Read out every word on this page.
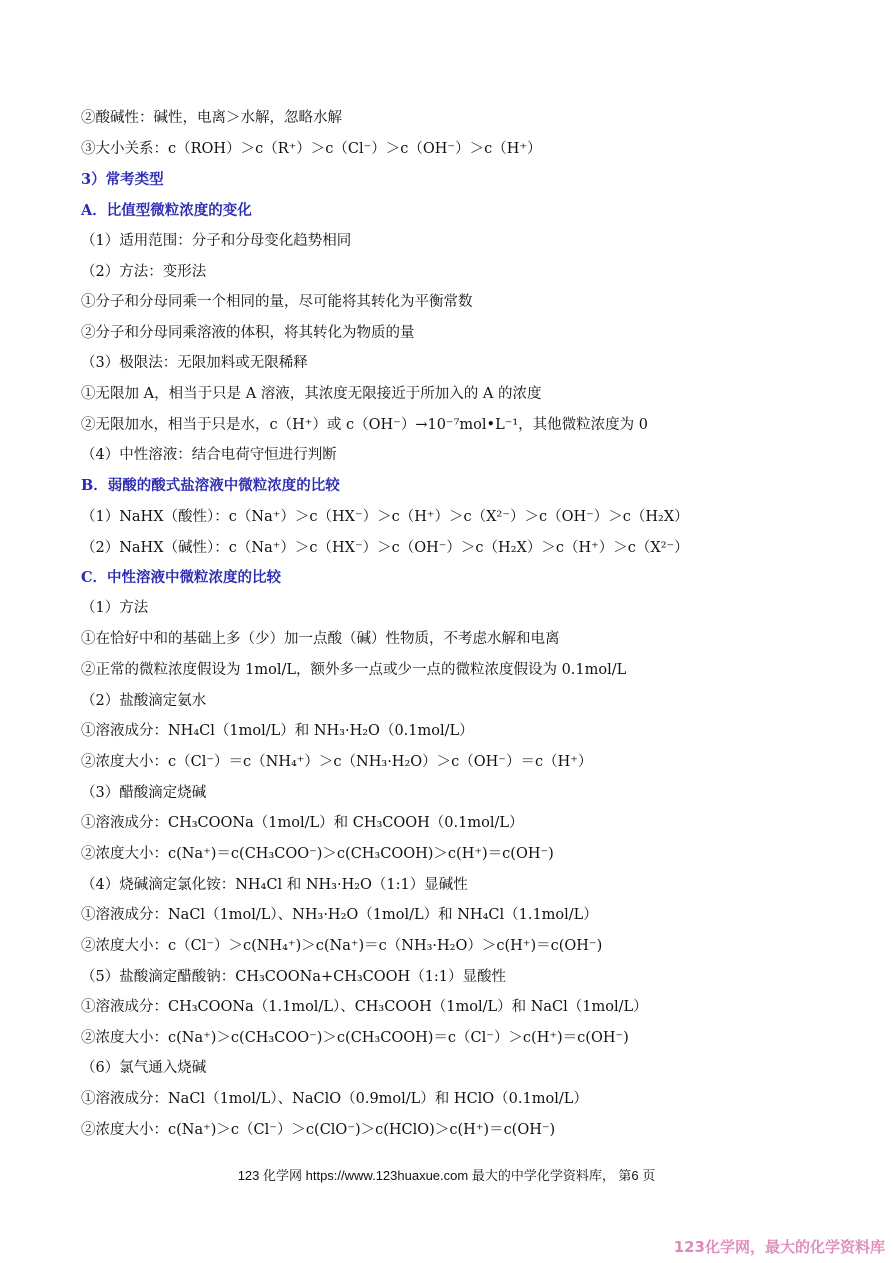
②酸碱性：碱性，电离＞水解，忽略水解
③大小关系：c（ROH）＞c（R⁺）＞c（Cl⁻）＞c（OH⁻）＞c（H⁺）
3）常考类型
A．比值型微粒浓度的变化
（1）适用范围：分子和分母变化趋势相同
（2）方法：变形法
①分子和分母同乘一个相同的量，尽可能将其转化为平衡常数
②分子和分母同乘溶液的体积，将其转化为物质的量
（3）极限法：无限加料或无限稀释
①无限加 A，相当于只是 A 溶液，其浓度无限接近于所加入的 A 的浓度
②无限加水，相当于只是水，c（H⁺）或 c（OH⁻）→10⁻⁷mol•L⁻¹，其他微粒浓度为 0
（4）中性溶液：结合电荷守恒进行判断
B．弱酸的酸式盐溶液中微粒浓度的比较
（1）NaHX（酸性）：c（Na⁺）＞c（HX⁻）＞c（H⁺）＞c（X²⁻）＞c（OH⁻）＞c（H₂X）
（2）NaHX（碱性）：c（Na⁺）＞c（HX⁻）＞c（OH⁻）＞c（H₂X）＞c（H⁺）＞c（X²⁻）
C．中性溶液中微粒浓度的比较
（1）方法
①在恰好中和的基础上多（少）加一点酸（碱）性物质，不考虑水解和电离
②正常的微粒浓度假设为 1mol/L，额外多一点或少一点的微粒浓度假设为 0.1mol/L
（2）盐酸滴定氨水
①溶液成分：NH₄Cl（1mol/L）和 NH₃·H₂O（0.1mol/L）
②浓度大小：c（Cl⁻）＝c（NH₄⁺）＞c（NH₃·H₂O）＞c（OH⁻）＝c（H⁺）
（3）醋酸滴定烧碱
①溶液成分：CH₃COONa（1mol/L）和 CH₃COOH（0.1mol/L）
②浓度大小：c(Na⁺)＝c(CH₃COO⁻)＞c(CH₃COOH)＞c(H⁺)＝c(OH⁻)
（4）烧碱滴定氯化铵：NH₄Cl 和 NH₃·H₂O（1:1）显碱性
①溶液成分：NaCl（1mol/L）、NH₃·H₂O（1mol/L）和 NH₄Cl（1.1mol/L）
②浓度大小：c（Cl⁻）＞c(NH₄⁺)＞c(Na⁺)＝c（NH₃·H₂O）＞c(H⁺)＝c(OH⁻)
（5）盐酸滴定醋酸钠：CH₃COONa+CH₃COOH（1:1）显酸性
①溶液成分：CH₃COONa（1.1mol/L）、CH₃COOH（1mol/L）和 NaCl（1mol/L）
②浓度大小：c(Na⁺)＞c(CH₃COO⁻)＞c(CH₃COOH)＝c（Cl⁻）＞c(H⁺)＝c(OH⁻)
（6）氯气通入烧碱
①溶液成分：NaCl（1mol/L）、NaClO（0.9mol/L）和 HClO（0.1mol/L）
②浓度大小：c(Na⁺)＞c（Cl⁻）＞c(ClO⁻)＞c(HClO)＞c(H⁺)＝c(OH⁻)
123 化学网 https://www.123huaxue.com 最大的中学化学资料库， 第6 页
123化学网，最大的化学资料库
